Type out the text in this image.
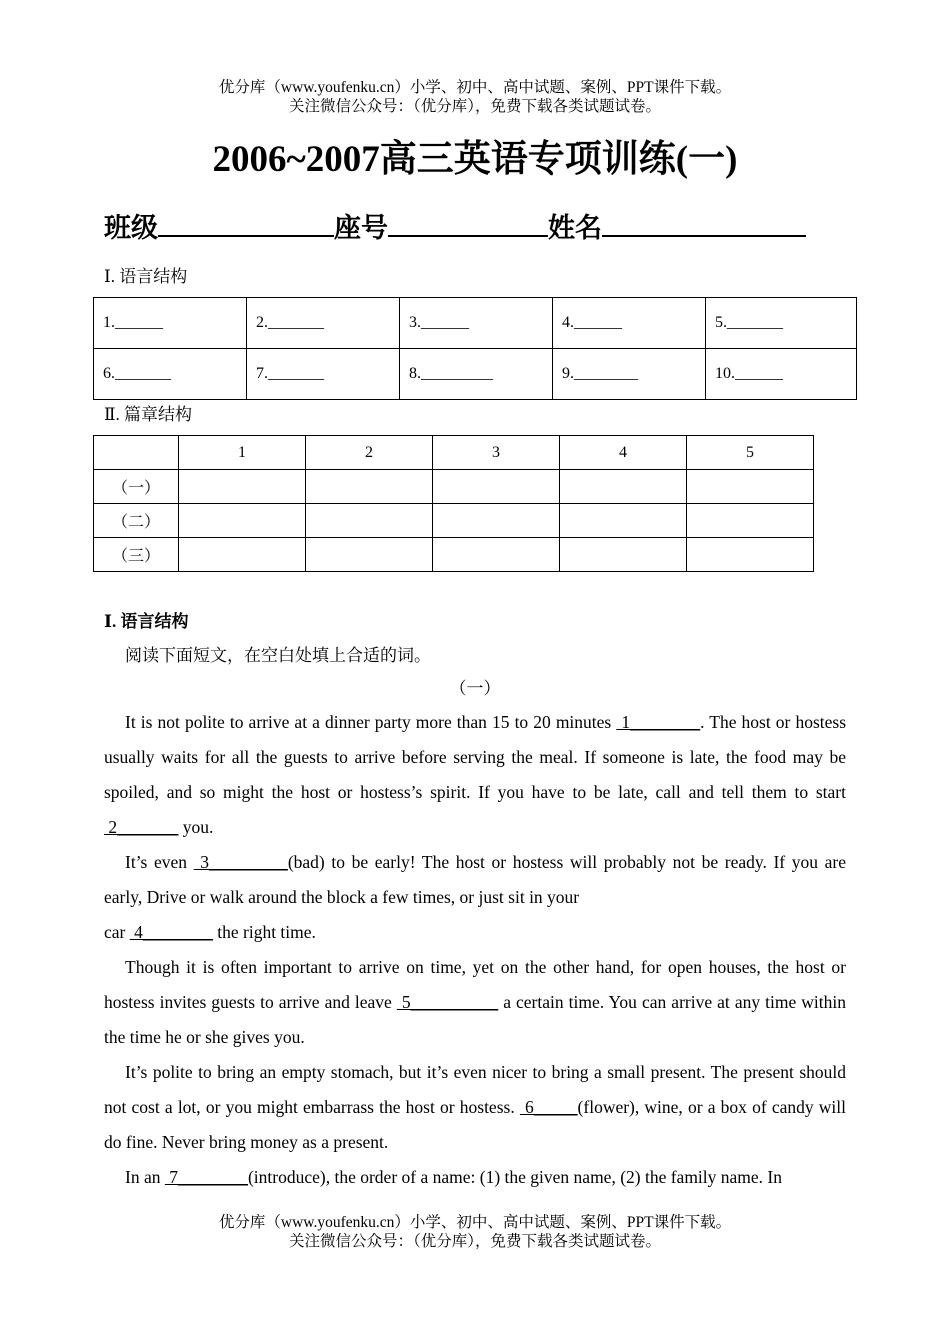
优分库（www.youfenku.cn）小学、初中、高中试题、案例、PPT课件下载。
关注微信公众号：（优分库），免费下载各类试题试卷。
2006~2007高三英语专项训练(一)
班级	座号	姓名
Ⅰ. 语言结构
1.______	2._______	3.______	4.______	5._______
6._______	7._______	8._________	9.________	10.______
Ⅱ. 篇章结构
	1	2	3	4	5
（一）					
（二）					
（三）					
Ⅰ. 语言结构
阅读下面短文，在空白处填上合适的词。
（一）

It is not polite to arrive at a dinner party more than 15 to 20 minutes  1________. The host or hostess usually waits for all the guests to arrive before serving the meal. If someone is late, the food may be spoiled, and so might the host or hostess’s spirit. If you have to be late, call and tell them to start  2_______ you.

It’s even  3_________(bad) to be early! The host or hostess will probably not be ready. If you are early, Drive or walk around the block a few times, or just sit in your

car  4________ the right time.

Though it is often important to arrive on time, yet on the other hand, for open houses, the host or hostess invites guests to arrive and leave  5__________ a certain time. You can arrive at any time within the time he or she gives you.

It’s polite to bring an empty stomach, but it’s even nicer to bring a small present. The present should not cost a lot, or you might embarrass the host or hostess.  6_____(flower), wine, or a box of candy will do fine. Never bring money as a present.

In an  7________(introduce), the order of a name: (1) the given name, (2) the family name. In

优分库（www.youfenku.cn）小学、初中、高中试题、案例、PPT课件下载。
关注微信公众号：（优分库），免费下载各类试题试卷。
